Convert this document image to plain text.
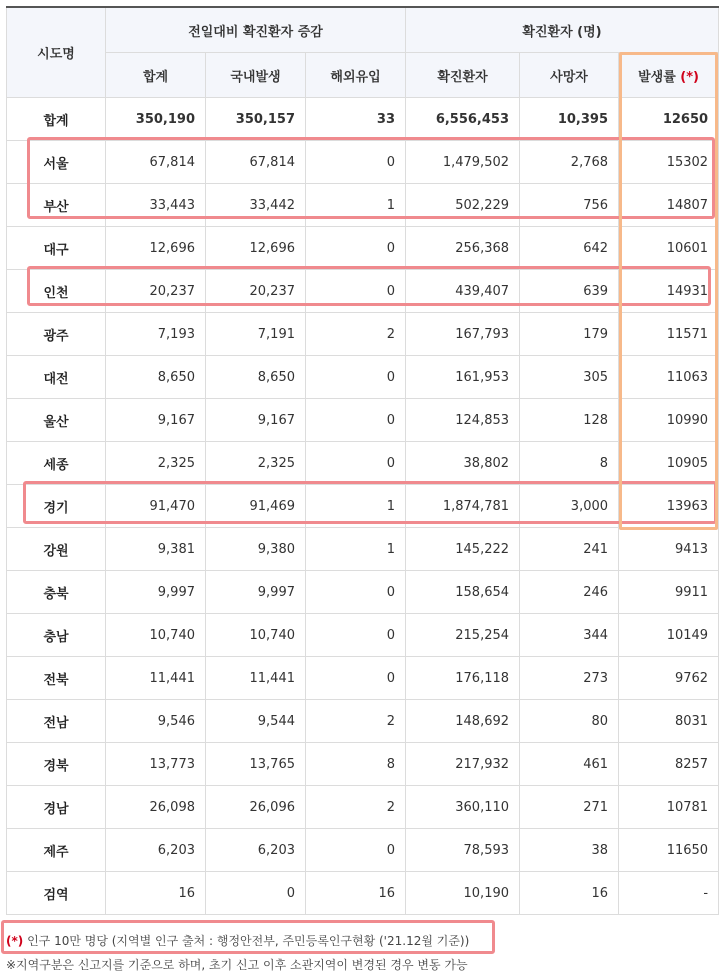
시도명	전일대비 확진환자 증감			확진환자 (명)		
	합계	국내발생	해외유입	확진환자	사망자	발생률 (*)
합계	350,190	350,157	33	6,556,453	10,395	12650
서울	67,814	67,814	0	1,479,502	2,768	15302
부산	33,443	33,442	1	502,229	756	14807
대구	12,696	12,696	0	256,368	642	10601
인천	20,237	20,237	0	439,407	639	14931
광주	7,193	7,191	2	167,793	179	11571
대전	8,650	8,650	0	161,953	305	11063
울산	9,167	9,167	0	124,853	128	10990
세종	2,325	2,325	0	38,802	8	10905
경기	91,470	91,469	1	1,874,781	3,000	13963
강원	9,381	9,380	1	145,222	241	9413
충북	9,997	9,997	0	158,654	246	9911
충남	10,740	10,740	0	215,254	344	10149
전북	11,441	11,441	0	176,118	273	9762
전남	9,546	9,544	2	148,692	80	8031
경북	13,773	13,765	8	217,932	461	8257
경남	26,098	26,096	2	360,110	271	10781
제주	6,203	6,203	0	78,593	38	11650
검역	16	0	16	10,190	16	-
(*) 인구 10만 명당 (지역별 인구 출처 : 행정안전부, 주민등록인구현황 ('21.12월 기준))
※지역구분은 신고지를 기준으로 하며, 초기 신고 이후 소관지역이 변경된 경우 변동 가능
